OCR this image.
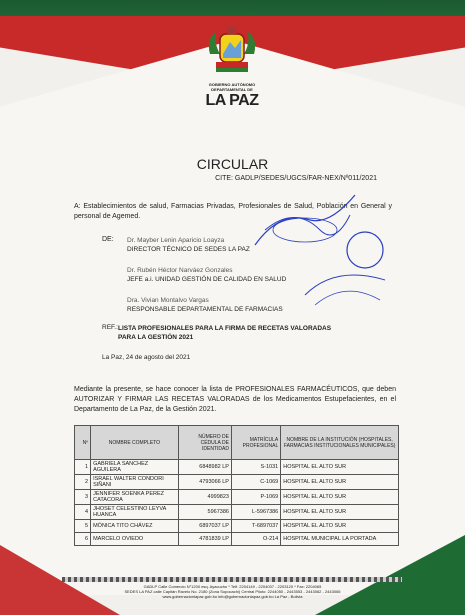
GOBIERNO AUTÓNOMO DEPARTAMENTAL DE
LA PAZ
CIRCULAR
CITE: GADLP/SEDES/UGCS/FAR-NEX/Nº011/2021
A: Establecimientos de salud, Farmacias Privadas, Profesionales de Salud, Población en General y personal de Agemed.
DE: Dr. Mayber Lenin Aparicio Loayza
DIRECTOR TÉCNICO DE SEDES LA PAZ
Dr. Rubén Héctor Narváez Gonzales
JEFE a.i. UNIDAD GESTIÓN DE CALIDAD EN SALUD
Dra. Vivian Montalvo Vargas
RESPONSABLE DEPARTAMENTAL DE FARMACIAS
REF.: LISTA PROFESIONALES PARA LA FIRMA DE RECETAS VALORADAS PARA LA GESTIÓN 2021
La Paz, 24 de agosto del 2021
Mediante la presente, se hace conocer la lista de PROFESIONALES FARMACÉUTICOS, que deben AUTORIZAR Y FIRMAR LAS RECETAS VALORADAS de los Medicamentos Estupefacientes, en el Departamento de La Paz, de la Gestión 2021.
Nº	NOMBRE COMPLETO	NÚMERO DE CÉDULA DE IDENTIDAD	MATRÍCULA PROFESIONAL	NOMBRE DE LA INSTITUCIÓN (HOSPITALES, FARMACIAS INSTITUCIONALES MUNICIPALES)
1	GABRIELA SANCHEZ AGUILERA	6848982 LP	S-1031	HOSPITAL EL ALTO SUR
2	ISRAEL WALTER CONDORI SIÑANI	4793066 LP	C-1069	HOSPITAL EL ALTO SUR
3	JENNIFER SOENKA PEREZ CATACORA	4999823	P-1069	HOSPITAL EL ALTO SUR
4	JHOSET CELESTINO LEYVA HUANCA	5967386	L-5967386	HOSPITAL EL ALTO SUR
5	MÓNICA TITO CHÁVEZ	6897037 LP	T-6897037	HOSPITAL EL ALTO SUR
6	MARCELO OVIEDO	4781839 LP	O-214	HOSPITAL MUNICIPAL LA PORTADA
GADLP Calle Comercio N°1200 esq. Ayacucho * Telf. 2204149 - 2204037 - 2203120 * Fax: 2204065
SEDES LA PAZ calle Capitán Ravelo No. 2180 (Zona Sopocachi) Central Piloto: 2244050 - 2443553 - 2443062 - 2443065
www.gobernacionlapaz.gob.bo info@gobernacionlapaz.gob.bo La Paz - Bolivia
